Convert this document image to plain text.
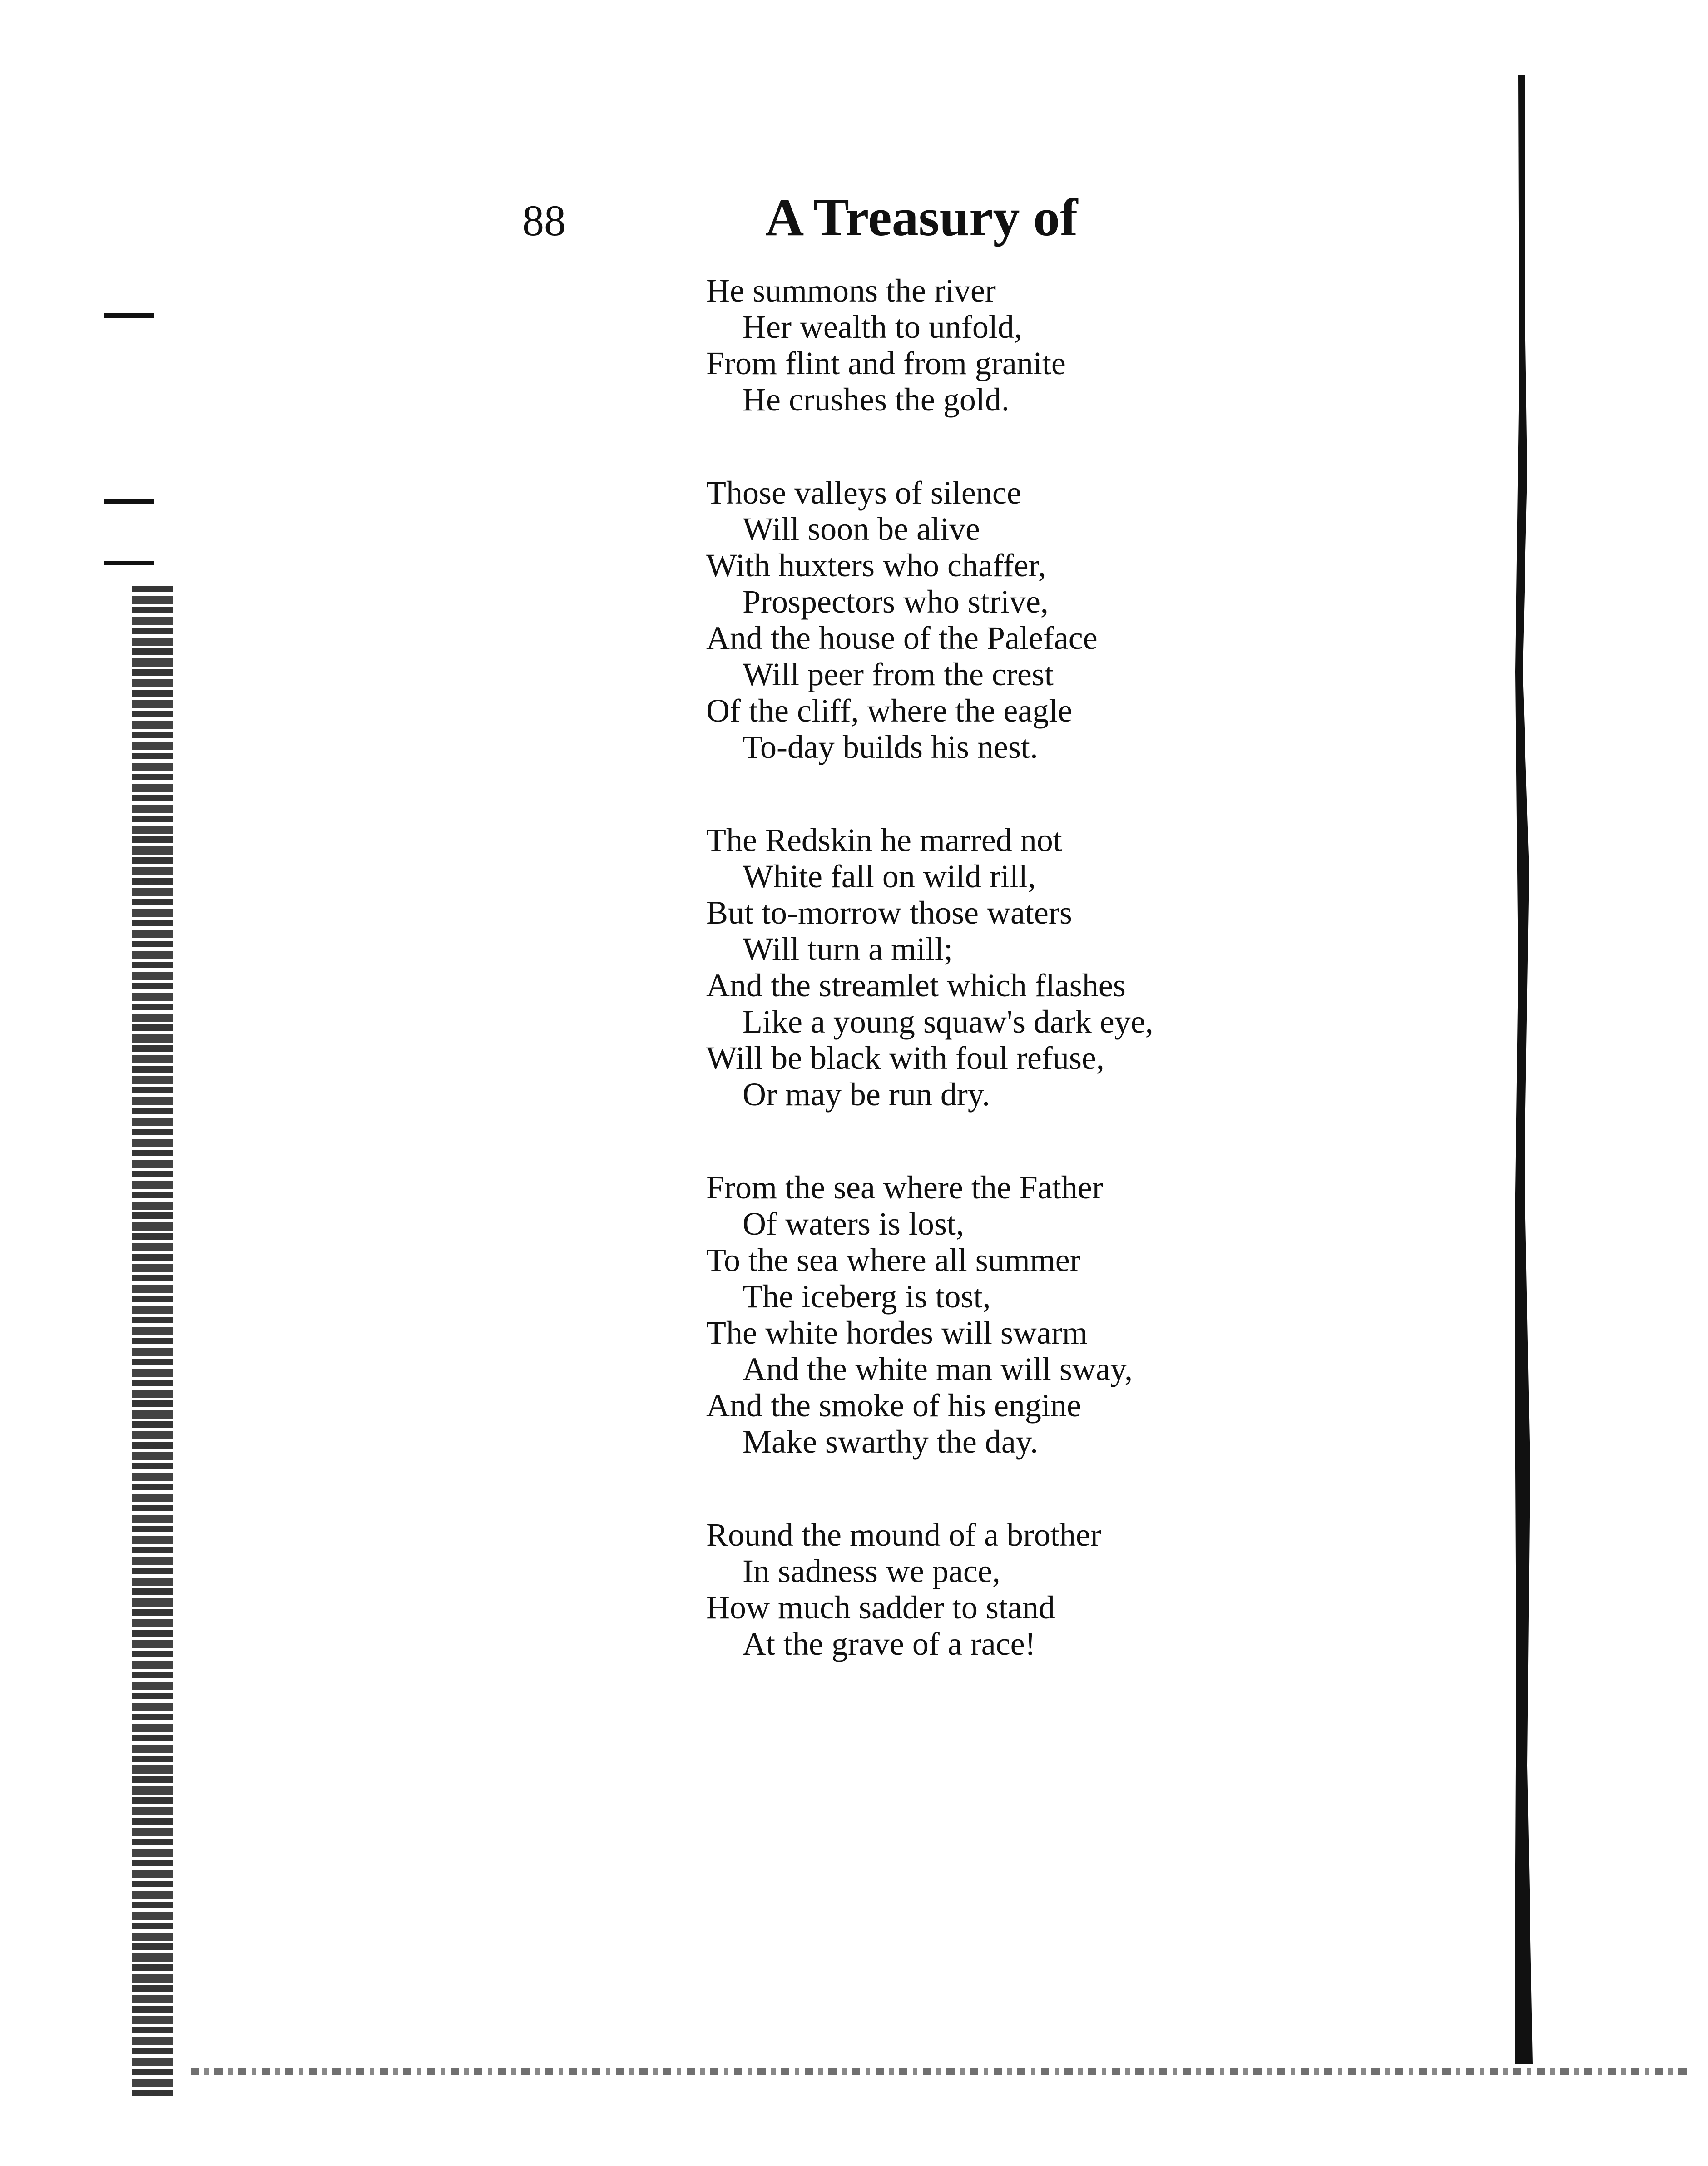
88	A Treasury of
He summons the river
Her wealth to unfold,
From flint and from granite
He crushes the gold.
Those valleys of silence
Will soon be alive
With huxters who chaffer,
Prospectors who strive,
And the house of the Paleface
Will peer from the crest
Of the cliff, where the eagle
To-day builds his nest.
The Redskin he marred not
White fall on wild rill,
But to-morrow those waters
Will turn a mill;
And the streamlet which flashes
Like a young squaw's dark eye,
Will be black with foul refuse,
Or may be run dry.
From the sea where the Father
Of waters is lost,
To the sea where all summer
The iceberg is tost,
The white hordes will swarm
And the white man will sway,
And the smoke of his engine
Make swarthy the day.
Round the mound of a brother
In sadness we pace,
How much sadder to stand
At the grave of a race!
